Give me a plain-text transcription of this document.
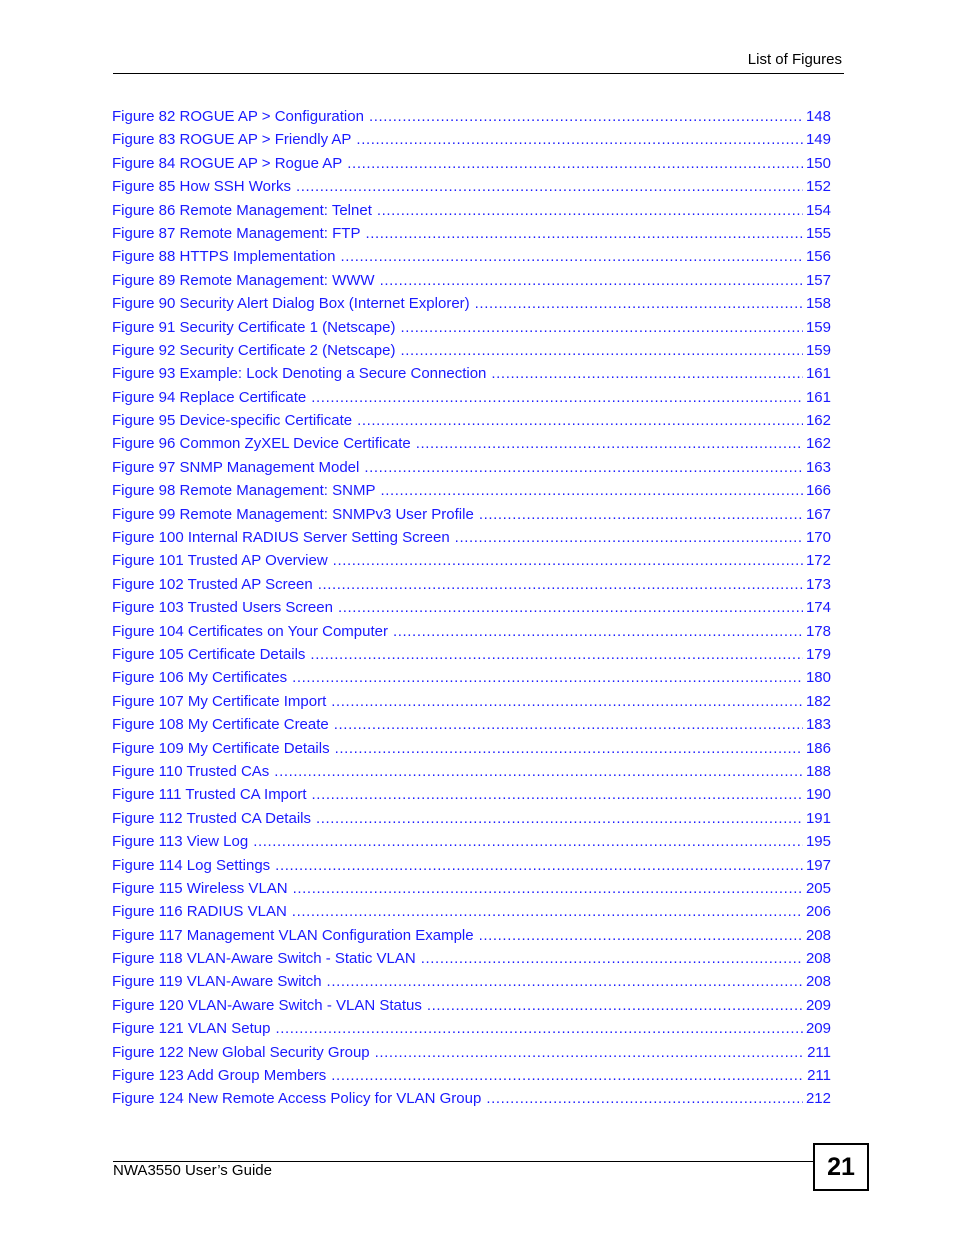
List of Figures
Figure 82 ROGUE AP > Configuration .....	148
Figure 83 ROGUE AP > Friendly AP .....	149
Figure 84 ROGUE AP > Rogue AP .....	150
Figure 85 How SSH Works .....	152
Figure 86 Remote Management: Telnet .....	154
Figure 87 Remote Management: FTP .....	155
Figure 88 HTTPS Implementation .....	156
Figure 89 Remote Management: WWW .....	157
Figure 90 Security Alert Dialog Box (Internet Explorer) .....	158
Figure 91 Security Certificate 1 (Netscape) .....	159
Figure 92 Security Certificate 2 (Netscape) .....	159
Figure 93 Example: Lock Denoting a Secure Connection .....	161
Figure 94 Replace Certificate .....	161
Figure 95 Device-specific Certificate .....	162
Figure 96 Common ZyXEL Device Certificate .....	162
Figure 97 SNMP Management Model .....	163
Figure 98 Remote Management: SNMP .....	166
Figure 99 Remote Management: SNMPv3 User Profile .....	167
Figure 100 Internal RADIUS Server Setting Screen .....	170
Figure 101 Trusted AP Overview .....	172
Figure 102 Trusted AP Screen .....	173
Figure 103 Trusted Users Screen .....	174
Figure 104 Certificates on Your Computer .....	178
Figure 105 Certificate Details .....	179
Figure 106 My Certificates .....	180
Figure 107 My Certificate Import .....	182
Figure 108 My Certificate Create .....	183
Figure 109 My Certificate Details .....	186
Figure 110 Trusted CAs .....	188
Figure 111 Trusted CA Import .....	190
Figure 112 Trusted CA Details .....	191
Figure 113 View Log .....	195
Figure 114 Log Settings .....	197
Figure 115 Wireless VLAN .....	205
Figure 116 RADIUS VLAN .....	206
Figure 117 Management VLAN Configuration Example .....	208
Figure 118 VLAN-Aware Switch - Static VLAN .....	208
Figure 119 VLAN-Aware Switch .....	208
Figure 120 VLAN-Aware Switch - VLAN Status .....	209
Figure 121 VLAN Setup .....	209
Figure 122 New Global Security Group .....	211
Figure 123 Add Group Members .....	211
Figure 124 New Remote Access Policy for VLAN Group .....	212
NWA3550 User’s Guide	21
